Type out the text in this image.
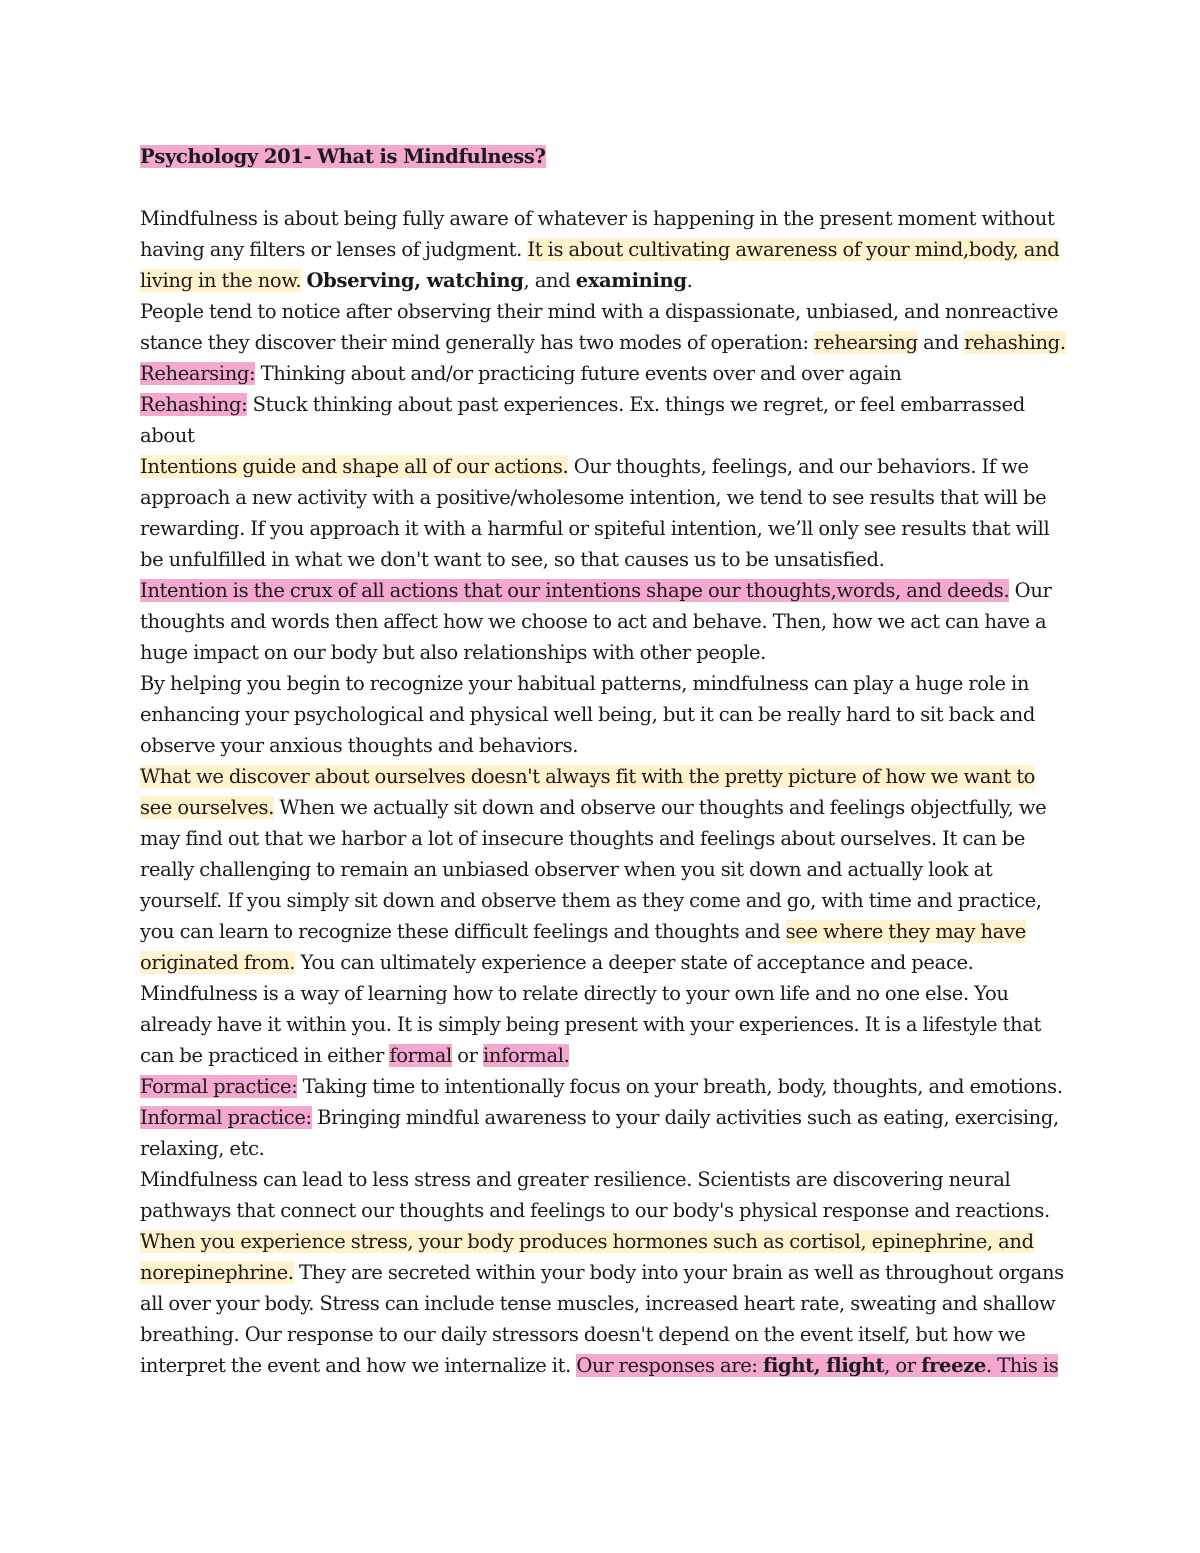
Psychology 201- What is Mindfulness?

Mindfulness is about being fully aware of whatever is happening in the present moment without having any filters or lenses of judgment. It is about cultivating awareness of your mind,body, and living in the now. Observing, watching, and examining.

People tend to notice after observing their mind with a dispassionate, unbiased, and nonreactive stance they discover their mind generally has two modes of operation: rehearsing and rehashing.

Rehearsing: Thinking about and/or practicing future events over and over again

Rehashing: Stuck thinking about past experiences. Ex. things we regret, or feel embarrassed about

Intentions guide and shape all of our actions. Our thoughts, feelings, and our behaviors. If we approach a new activity with a positive/wholesome intention, we tend to see results that will be rewarding. If you approach it with a harmful or spiteful intention, we’ll only see results that will be unfulfilled in what we don't want to see, so that causes us to be unsatisfied.

Intention is the crux of all actions that our intentions shape our thoughts,words, and deeds. Our thoughts and words then affect how we choose to act and behave. Then, how we act can have a huge impact on our body but also relationships with other people.

By helping you begin to recognize your habitual patterns, mindfulness can play a huge role in enhancing your psychological and physical well being, but it can be really hard to sit back and observe your anxious thoughts and behaviors.

What we discover about ourselves doesn't always fit with the pretty picture of how we want to see ourselves. When we actually sit down and observe our thoughts and feelings objectfully, we may find out that we harbor a lot of insecure thoughts and feelings about ourselves. It can be really challenging to remain an unbiased observer when you sit down and actually look at yourself. If you simply sit down and observe them as they come and go, with time and practice, you can learn to recognize these difficult feelings and thoughts and see where they may have originated from. You can ultimately experience a deeper state of acceptance and peace.

Mindfulness is a way of learning how to relate directly to your own life and no one else. You already have it within you. It is simply being present with your experiences. It is a lifestyle that can be practiced in either formal or informal.

Formal practice: Taking time to intentionally focus on your breath, body, thoughts, and emotions.

Informal practice: Bringing mindful awareness to your daily activities such as eating, exercising, relaxing, etc.

Mindfulness can lead to less stress and greater resilience. Scientists are discovering neural pathways that connect our thoughts and feelings to our body's physical response and reactions. When you experience stress, your body produces hormones such as cortisol, epinephrine, and norepinephrine. They are secreted within your body into your brain as well as throughout organs all over your body. Stress can include tense muscles, increased heart rate, sweating and shallow breathing. Our response to our daily stressors doesn't depend on the event itself, but how we interpret the event and how we internalize it. Our responses are: fight, flight, or freeze. This is
